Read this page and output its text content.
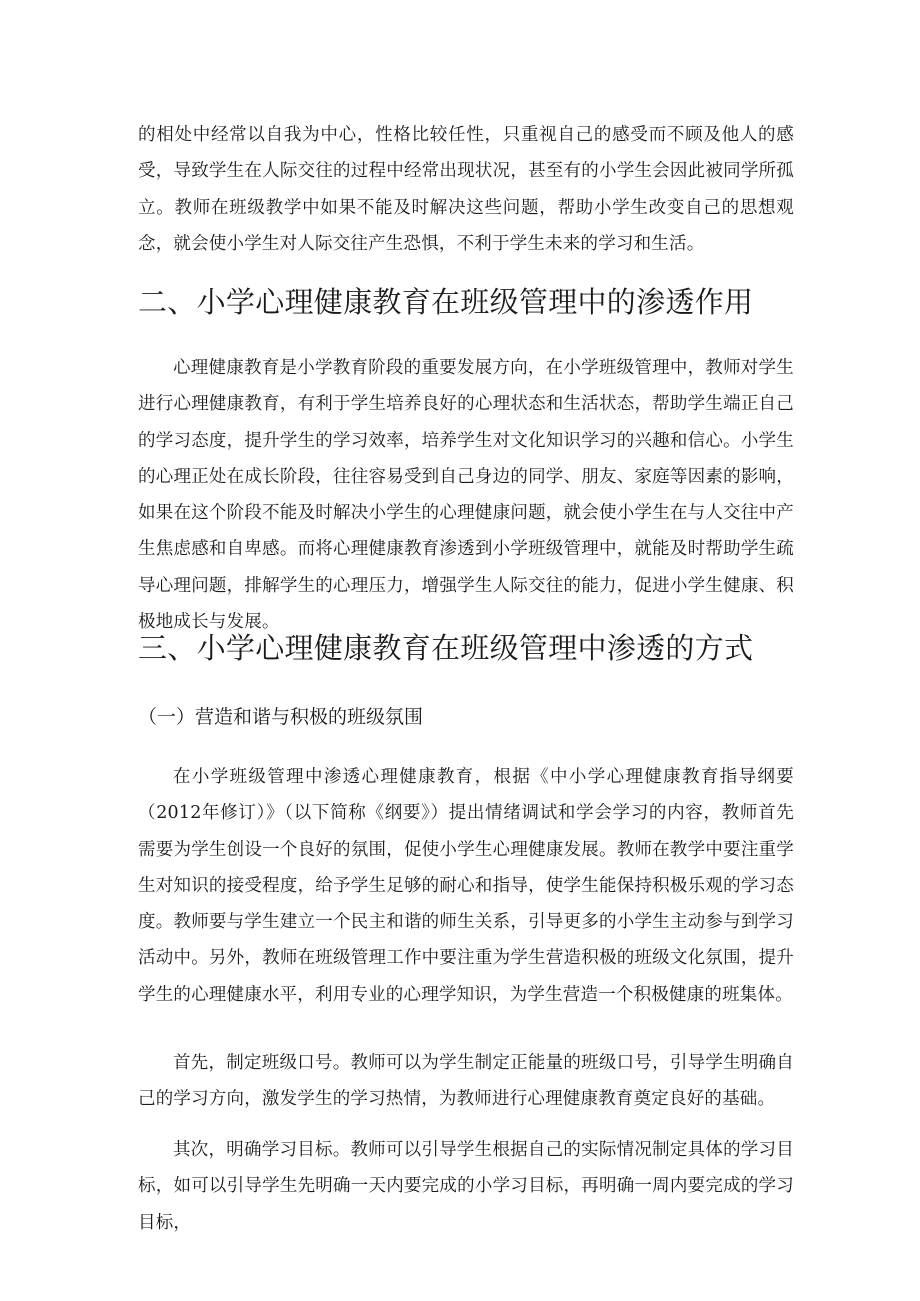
的相处中经常以自我为中心，性格比较任性，只重视自己的感受而不顾及他人的感受，导致学生在人际交往的过程中经常出现状况，甚至有的小学生会因此被同学所孤立。教师在班级教学中如果不能及时解决这些问题，帮助小学生改变自己的思想观念，就会使小学生对人际交往产生恐惧，不利于学生未来的学习和生活。

二、小学心理健康教育在班级管理中的渗透作用

心理健康教育是小学教育阶段的重要发展方向，在小学班级管理中，教师对学生进行心理健康教育，有利于学生培养良好的心理状态和生活状态，帮助学生端正自己的学习态度，提升学生的学习效率，培养学生对文化知识学习的兴趣和信心。小学生的心理正处在成长阶段，往往容易受到自己身边的同学、朋友、家庭等因素的影响，如果在这个阶段不能及时解决小学生的心理健康问题，就会使小学生在与人交往中产生焦虑感和自卑感。而将心理健康教育渗透到小学班级管理中，就能及时帮助学生疏导心理问题，排解学生的心理压力，增强学生人际交往的能力，促进小学生健康、积极地成长与发展。

三、小学心理健康教育在班级管理中渗透的方式
（一）营造和谐与积极的班级氛围

在小学班级管理中渗透心理健康教育，根据《中小学心理健康教育指导纲要（2012年修订）》（以下简称《纲要》）提出情绪调试和学会学习的内容，教师首先需要为学生创设一个良好的氛围，促使小学生心理健康发展。教师在教学中要注重学生对知识的接受程度，给予学生足够的耐心和指导，使学生能保持积极乐观的学习态度。教师要与学生建立一个民主和谐的师生关系，引导更多的小学生主动参与到学习活动中。另外，教师在班级管理工作中要注重为学生营造积极的班级文化氛围，提升学生的心理健康水平，利用专业的心理学知识，为学生营造一个积极健康的班集体。

首先，制定班级口号。教师可以为学生制定正能量的班级口号，引导学生明确自己的学习方向，激发学生的学习热情，为教师进行心理健康教育奠定良好的基础。

其次，明确学习目标。教师可以引导学生根据自己的实际情况制定具体的学习目标，如可以引导学生先明确一天内要完成的小学习目标，再明确一周内要完成的学习目标，
